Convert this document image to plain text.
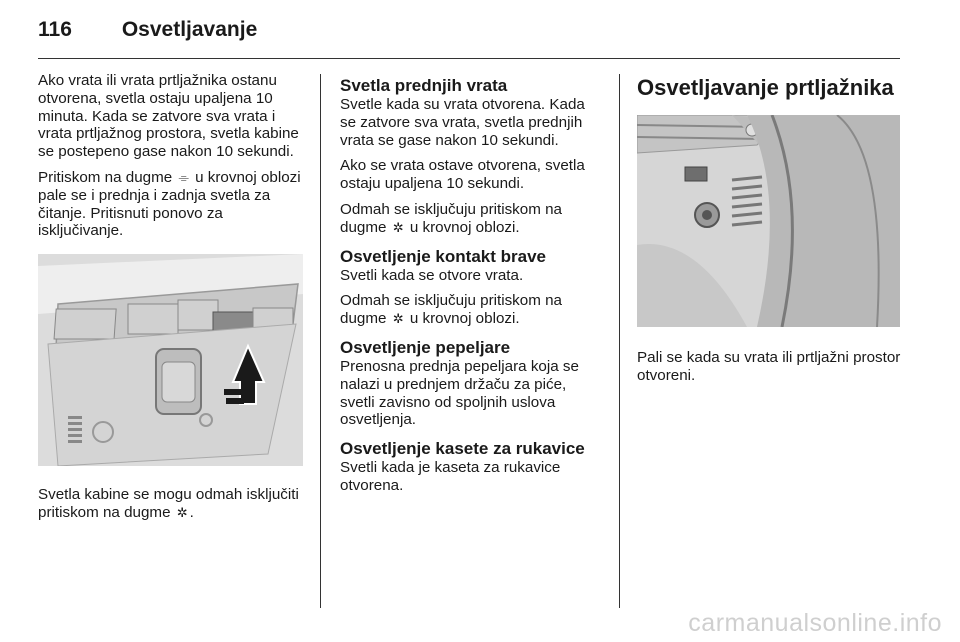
116 Osvetljavanje

Ako vrata ili vrata prtljažnika ostanu otvorena, svetla ostaju upaljena 10 minuta. Kada se zatvore sva vrata i vrata prtljažnog prostora, svetla kabine se postepeno gase nakon 10 sekundi.

Pritiskom na dugme ⌯ u krovnoj oblozi pale se i prednja i zadnja svetla za čitanje. Pritisnuti ponovo za isključivanje.

Svetla kabine se mogu odmah isključiti pritiskom na dugme ✲ .

Svetla prednjih vrata

Svetle kada su vrata otvorena. Kada se zatvore sva vrata, svetla prednjih vrata se gase nakon 10 sekundi.

Ako se vrata ostave otvorena, svetla ostaju upaljena 10 sekundi.

Odmah se isključuju pritiskom na dugme ✲ u krovnoj oblozi.

Osvetljenje kontakt brave

Svetli kada se otvore vrata.

Odmah se isključuju pritiskom na dugme ✲ u krovnoj oblozi.

Osvetljenje pepeljare

Prenosna prednja pepeljara koja se nalazi u prednjem držaču za piće, svetli zavisno od spoljnih uslova osvetljenja.

Osvetljenje kasete za rukavice

Svetli kada je kaseta za rukavice otvorena.

Osvetljavanje prtljažnika

Pali se kada su vrata ili prtljažni prostor otvoreni.

carmanualsonline.info
